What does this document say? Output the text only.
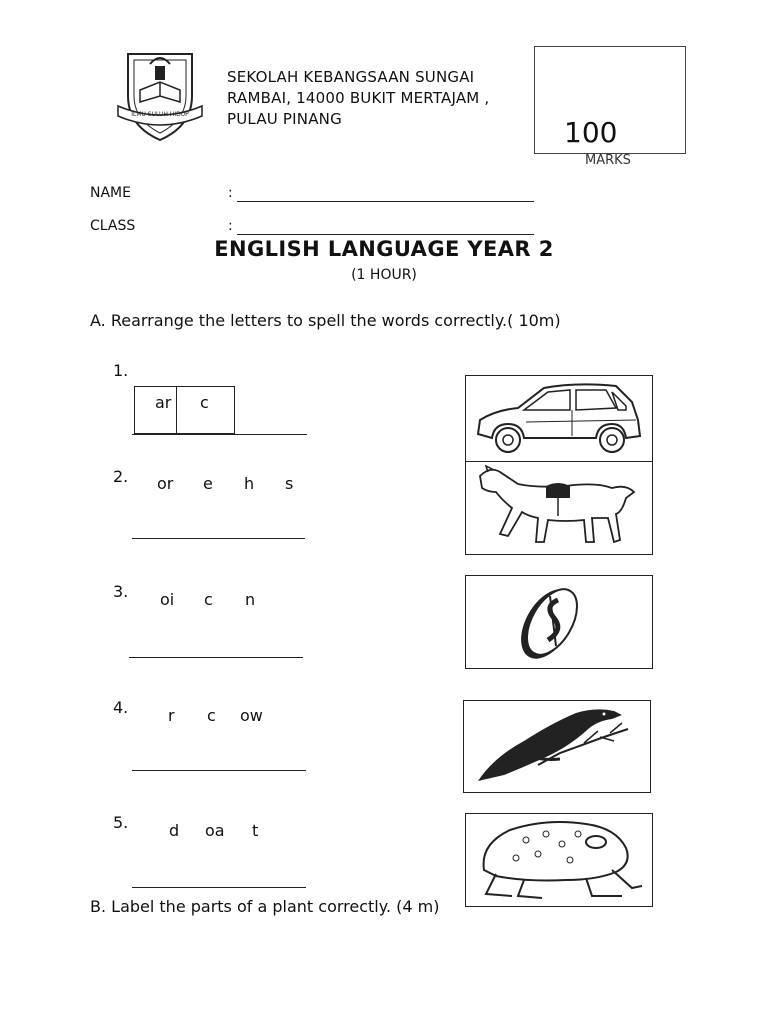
ILMU SULUH HIDUP
SEKOLAH KEBANGSAAN SUNGAI
RAMBAI, 14000 BUKIT MERTAJAM ,
PULAU PINANG	100
MARKS
NAME	:
CLASS	:
ENGLISH LANGUAGE YEAR 2
(1 HOUR)
A. Rearrange the letters to spell the words correctly.( 10m)
1.
ar c
2. or e h s
3. oi c n
4. r c ow
5.	d oa t
B. Label the parts of a plant correctly. (4 m)
